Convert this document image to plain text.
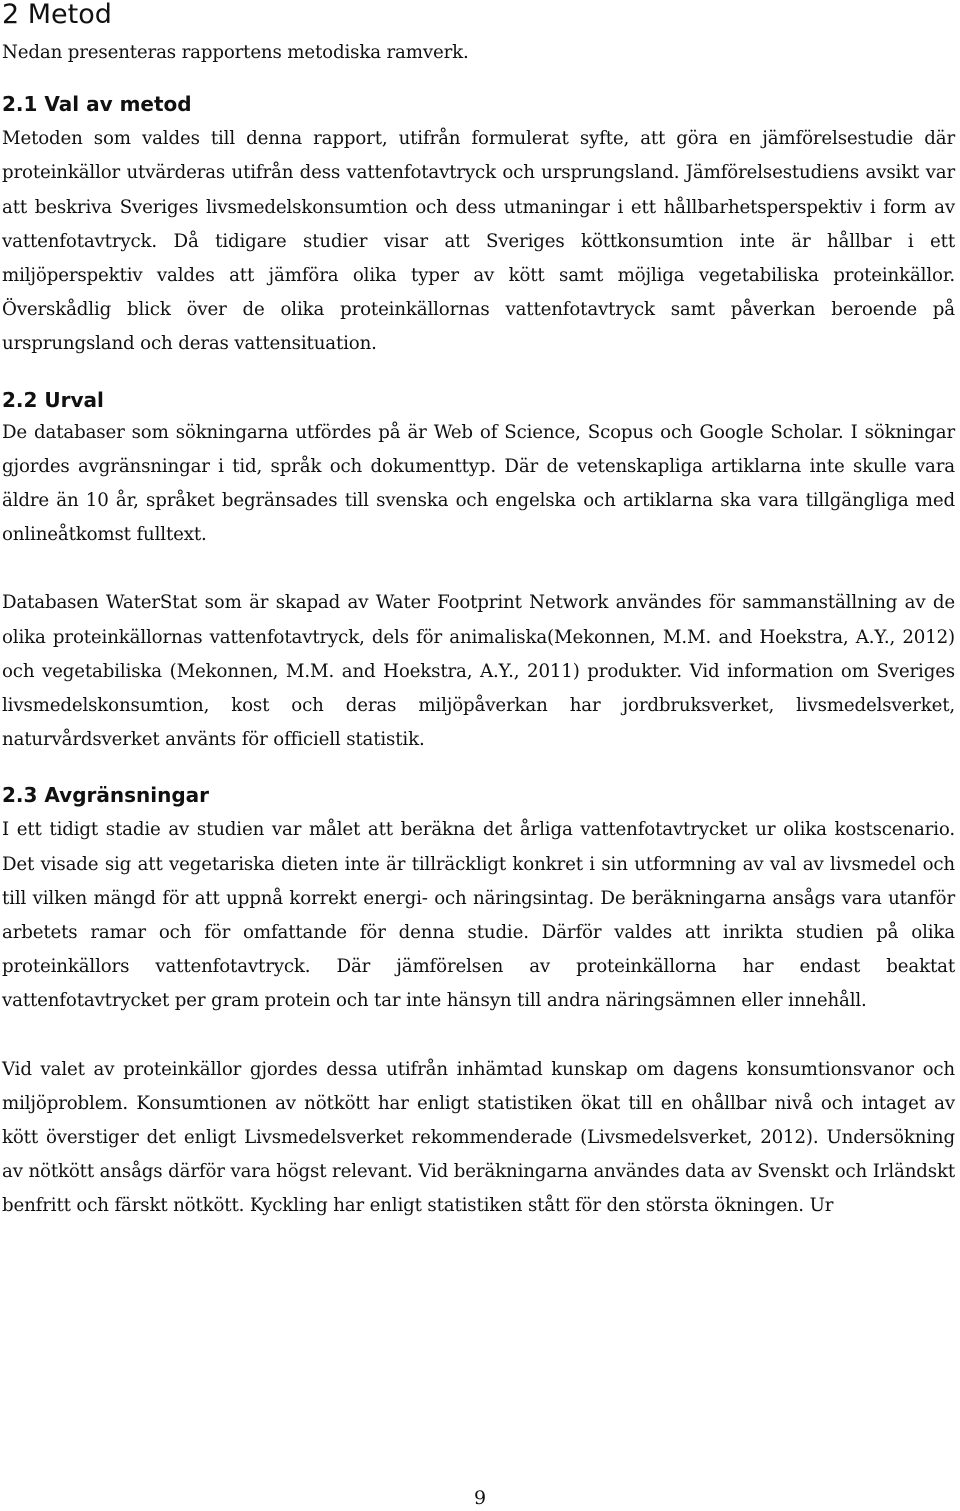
2 Metod

Nedan presenteras rapportens metodiska ramverk.

2.1 Val av metod

Metoden som valdes till denna rapport, utifrån formulerat syfte, att göra en jämförelsestudie där proteinkällor utvärderas utifrån dess vattenfotavtryck och ursprungsland. Jämförelsestudiens avsikt var att beskriva Sveriges livsmedelskonsumtion och dess utmaningar i ett hållbarhetsperspektiv i form av vattenfotavtryck. Då tidigare studier visar att Sveriges köttkonsumtion inte är hållbar i ett miljöperspektiv valdes att jämföra olika typer av kött samt möjliga vegetabiliska proteinkällor. Överskådlig blick över de olika proteinkällornas vattenfotavtryck samt påverkan beroende på ursprungsland och deras vattensituation.

2.2 Urval

De databaser som sökningarna utfördes på är Web of Science, Scopus och Google Scholar. I sökningar gjordes avgränsningar i tid, språk och dokumenttyp. Där de vetenskapliga artiklarna inte skulle vara äldre än 10 år, språket begränsades till svenska och engelska och artiklarna ska vara tillgängliga med onlineåtkomst fulltext.

Databasen WaterStat som är skapad av Water Footprint Network användes för sammanställning av de olika proteinkällornas vattenfotavtryck, dels för animaliska(Mekonnen, M.M. and Hoekstra, A.Y., 2012) och vegetabiliska (Mekonnen, M.M. and Hoekstra, A.Y., 2011) produkter. Vid information om Sveriges livsmedelskonsumtion, kost och deras miljöpåverkan har jordbruksverket, livsmedelsverket, naturvårdsverket använts för officiell statistik.

2.3 Avgränsningar

I ett tidigt stadie av studien var målet att beräkna det årliga vattenfotavtrycket ur olika kostscenario. Det visade sig att vegetariska dieten inte är tillräckligt konkret i sin utformning av val av livsmedel och till vilken mängd för att uppnå korrekt energi- och näringsintag. De beräkningarna ansågs vara utanför arbetets ramar och för omfattande för denna studie. Därför valdes att inrikta studien på olika proteinkällors vattenfotavtryck. Där jämförelsen av proteinkällorna har endast beaktat vattenfotavtrycket per gram protein och tar inte hänsyn till andra näringsämnen eller innehåll.

Vid valet av proteinkällor gjordes dessa utifrån inhämtad kunskap om dagens konsumtionsvanor och miljöproblem. Konsumtionen av nötkött har enligt statistiken ökat till en ohållbar nivå och intaget av kött överstiger det enligt Livsmedelsverket rekommenderade (Livsmedelsverket, 2012). Undersökning av nötkött ansågs därför vara högst relevant. Vid beräkningarna användes data av Svenskt och Irländskt benfritt och färskt nötkött. Kyckling har enligt statistiken stått för den största ökningen. Ur

9
